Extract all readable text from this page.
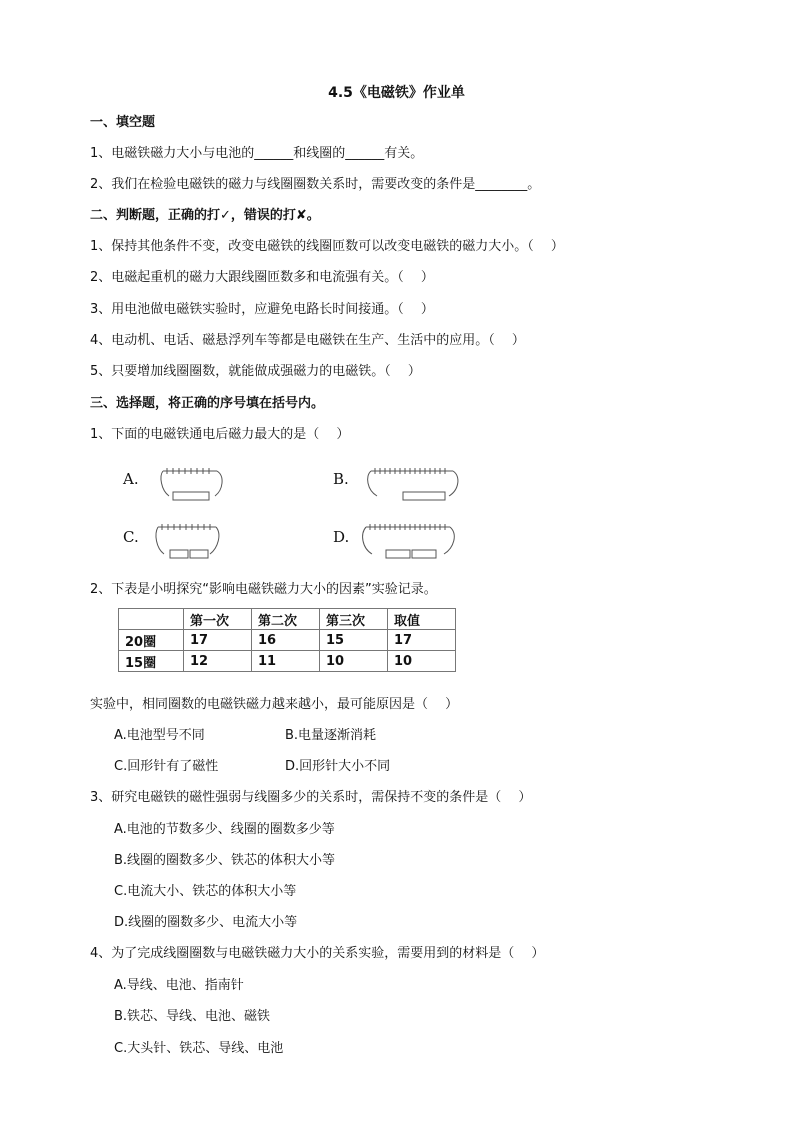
4.5《电磁铁》作业单
一、填空题
1、电磁铁磁力大小与电池的______和线圈的______有关。
2、我们在检验电磁铁的磁力与线圈圈数关系时，需要改变的条件是________。
二、判断题，正确的打✓，错误的打✘。
1、保持其他条件不变，改变电磁铁的线圈匝数可以改变电磁铁的磁力大小。（　 ）
2、电磁起重机的磁力大跟线圈匝数多和电流强有关。（　 ）
3、用电池做电磁铁实验时，应避免电路长时间接通。（　 ）
4、电动机、电话、磁悬浮列车等都是电磁铁在生产、生活中的应用。（　 ）
5、只要增加线圈圈数，就能做成强磁力的电磁铁。（　 ）
三、选择题，将正确的序号填在括号内。
1、下面的电磁铁通电后磁力最大的是（　 ）
A.	B.
C.	D.
2、下表是小明探究“影响电磁铁磁力大小的因素”实验记录。
	第一次	第二次	第三次	取值
20圈	17	16	15	17
15圈	12	11	10	10
实验中，相同圈数的电磁铁磁力越来越小，最可能原因是（　 ）
A.电池型号不同	B.电量逐渐消耗
C.回形针有了磁性	D.回形针大小不同
3、研究电磁铁的磁性强弱与线圈多少的关系时，需保持不变的条件是（　 ）
A.电池的节数多少、线圈的圈数多少等
B.线圈的圈数多少、铁芯的体积大小等
C.电流大小、铁芯的体积大小等
D.线圈的圈数多少、电流大小等
4、为了完成线圈圈数与电磁铁磁力大小的关系实验，需要用到的材料是（　 ）
A.导线、电池、指南针
B.铁芯、导线、电池、磁铁
C.大头针、铁芯、导线、电池
